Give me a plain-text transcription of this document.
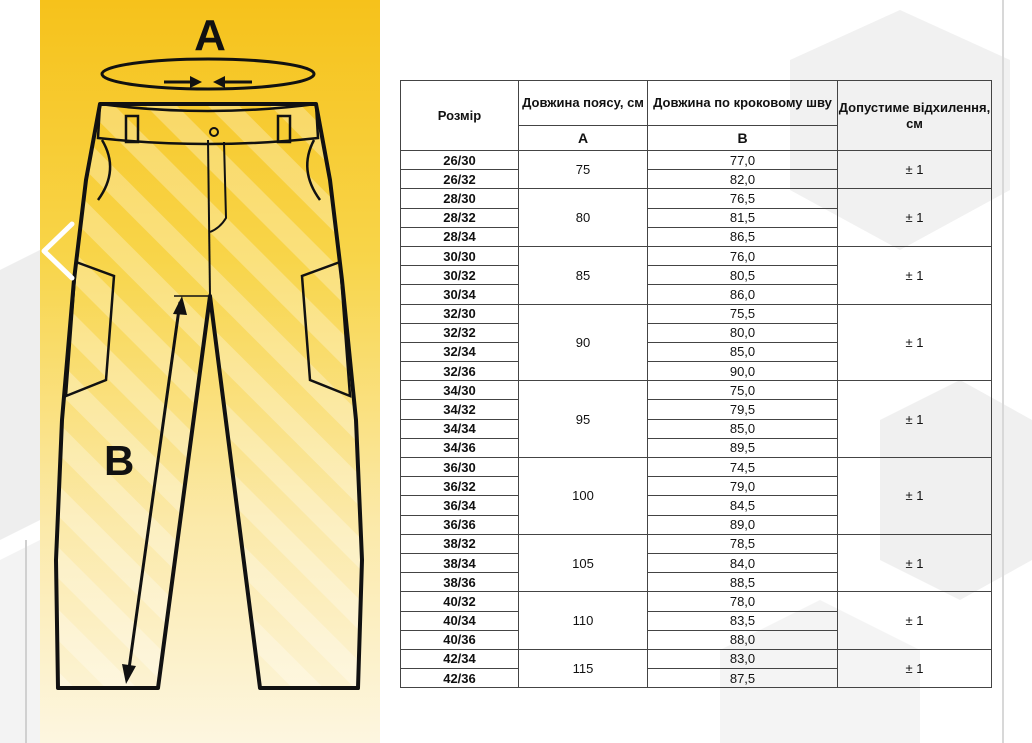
A
B
Розмір	Довжина поясу, см	Довжина по кроковому шву	Допустиме відхилення, см
	A	B	
26/30	75	77,0	± 1
26/32		82,0	
28/30	80	76,5	± 1
28/32		81,5	
28/34		86,5	
30/30	85	76,0	± 1
30/32		80,5	
30/34		86,0	
32/30	90	75,5	± 1
32/32		80,0	
32/34		85,0	
32/36		90,0	
34/30	95	75,0	± 1
34/32		79,5	
34/34		85,0	
34/36		89,5	
36/30	100	74,5	± 1
36/32		79,0	
36/34		84,5	
36/36		89,0	
38/32	105	78,5	± 1
38/34		84,0	
38/36		88,5	
40/32	110	78,0	± 1
40/34		83,5	
40/36		88,0	
42/34	115	83,0	± 1
42/36		87,5	
